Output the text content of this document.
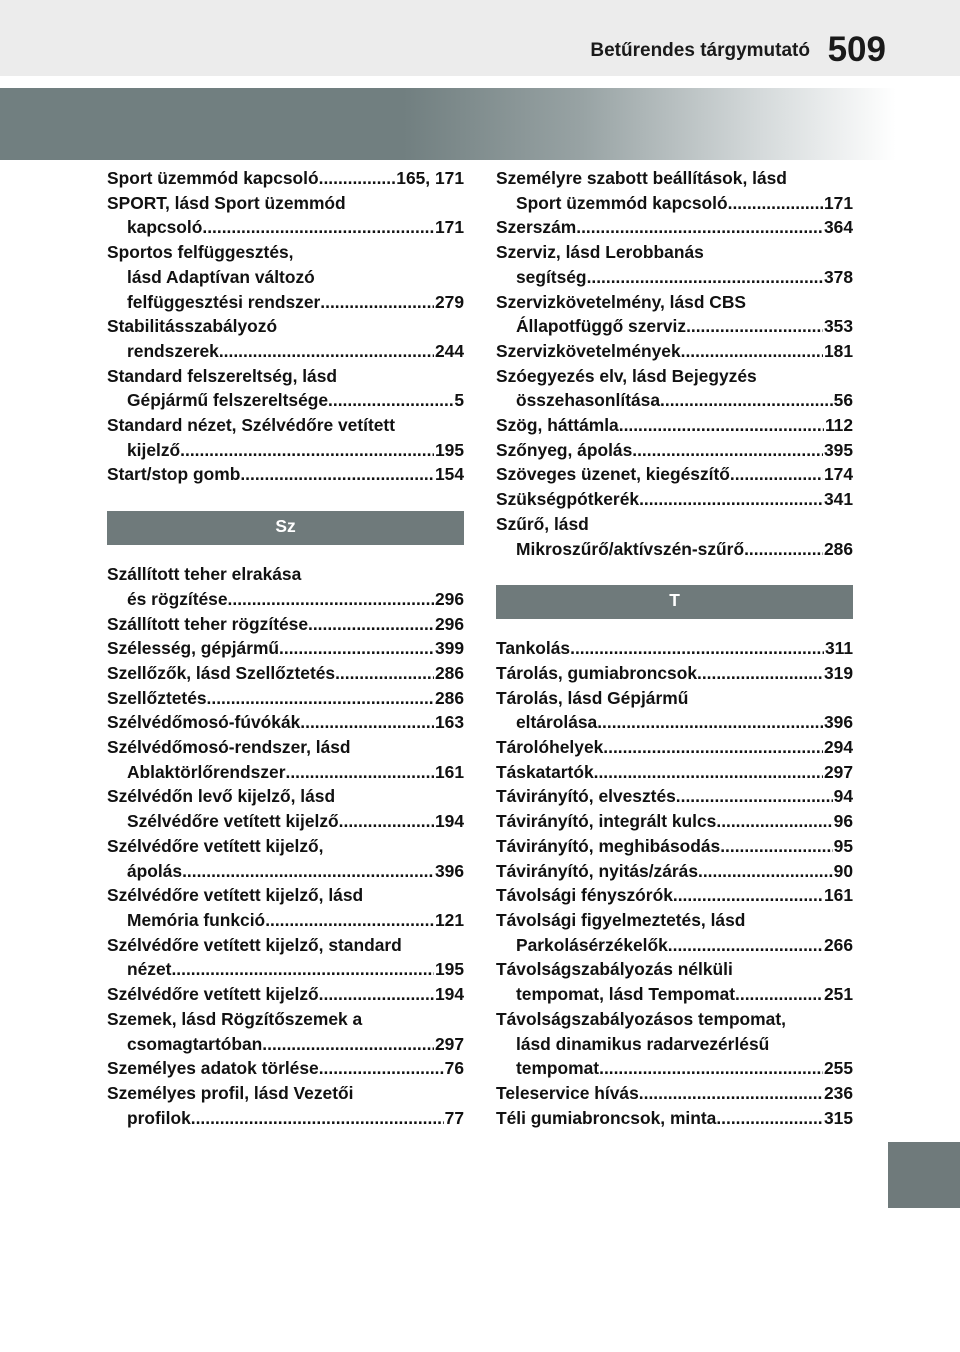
Betűrendes tárgymutató 509
Sport üzemmód kapcsoló .....	165, 171
SPORT, lásd Sport üzemmód
kapcsoló .....	171
Sportos felfüggesztés,
lásd Adaptívan változó
felfüggesztési rendszer .....	279
Stabilitásszabályozó
rendszerek .....	244
Standard felszereltség, lásd
Gépjármű felszereltsége .....	5
Standard nézet, Szélvédőre vetített
kijelző .....	195
Start/stop gomb .....	154
Sz
Szállított teher elrakása
és rögzítése .....	296
Szállított teher rögzítése .....	296
Szélesség, gépjármű .....	399
Szellőzők, lásd Szellőztetés .....	286
Szellőztetés .....	286
Szélvédőmosó-fúvókák .....	163
Szélvédőmosó-rendszer, lásd
Ablaktörlőrendszer .....	161
Szélvédőn levő kijelző, lásd
Szélvédőre vetített kijelző .....	194
Szélvédőre vetített kijelző,
ápolás .....	396
Szélvédőre vetített kijelző, lásd
Memória funkció .....	121
Szélvédőre vetített kijelző, standard
nézet .....	195
Szélvédőre vetített kijelző .....	194
Szemek, lásd Rögzítőszemek a
csomagtartóban .....	297
Személyes adatok törlése .....	76
Személyes profil, lásd Vezetői
profilok .....	77
Személyre szabott beállítások, lásd
Sport üzemmód kapcsoló .....	171
Szerszám .....	364
Szerviz, lásd Lerobbanás
segítség .....	378
Szervizkövetelmény, lásd CBS
Állapotfüggő szerviz .....	353
Szervizkövetelmények .....	181
Szóegyezés elv, lásd Bejegyzés
összehasonlítása .....	56
Szög, háttámla .....	112
Szőnyeg, ápolás .....	395
Szöveges üzenet, kiegészítő .....	174
Szükségpótkerék .....	341
Szűrő, lásd
Mikroszűrő/aktívszén-szűrő .....	286
T
Tankolás .....	311
Tárolás, gumiabroncsok .....	319
Tárolás, lásd Gépjármű
eltárolása .....	396
Tárolóhelyek .....	294
Táskatartók .....	297
Távirányító, elvesztés .....	94
Távirányító, integrált kulcs .....	96
Távirányító, meghibásodás .....	95
Távirányító, nyitás/zárás .....	90
Távolsági fényszórók .....	161
Távolsági figyelmeztetés, lásd
Parkolásérzékelők .....	266
Távolságszabályozás nélküli
tempomat, lásd Tempomat .....	251
Távolságszabályozásos tempomat,
lásd dinamikus radarvezérlésű
tempomat .....	255
Teleservice hívás .....	236
Téli gumiabroncsok, minta .....	315
